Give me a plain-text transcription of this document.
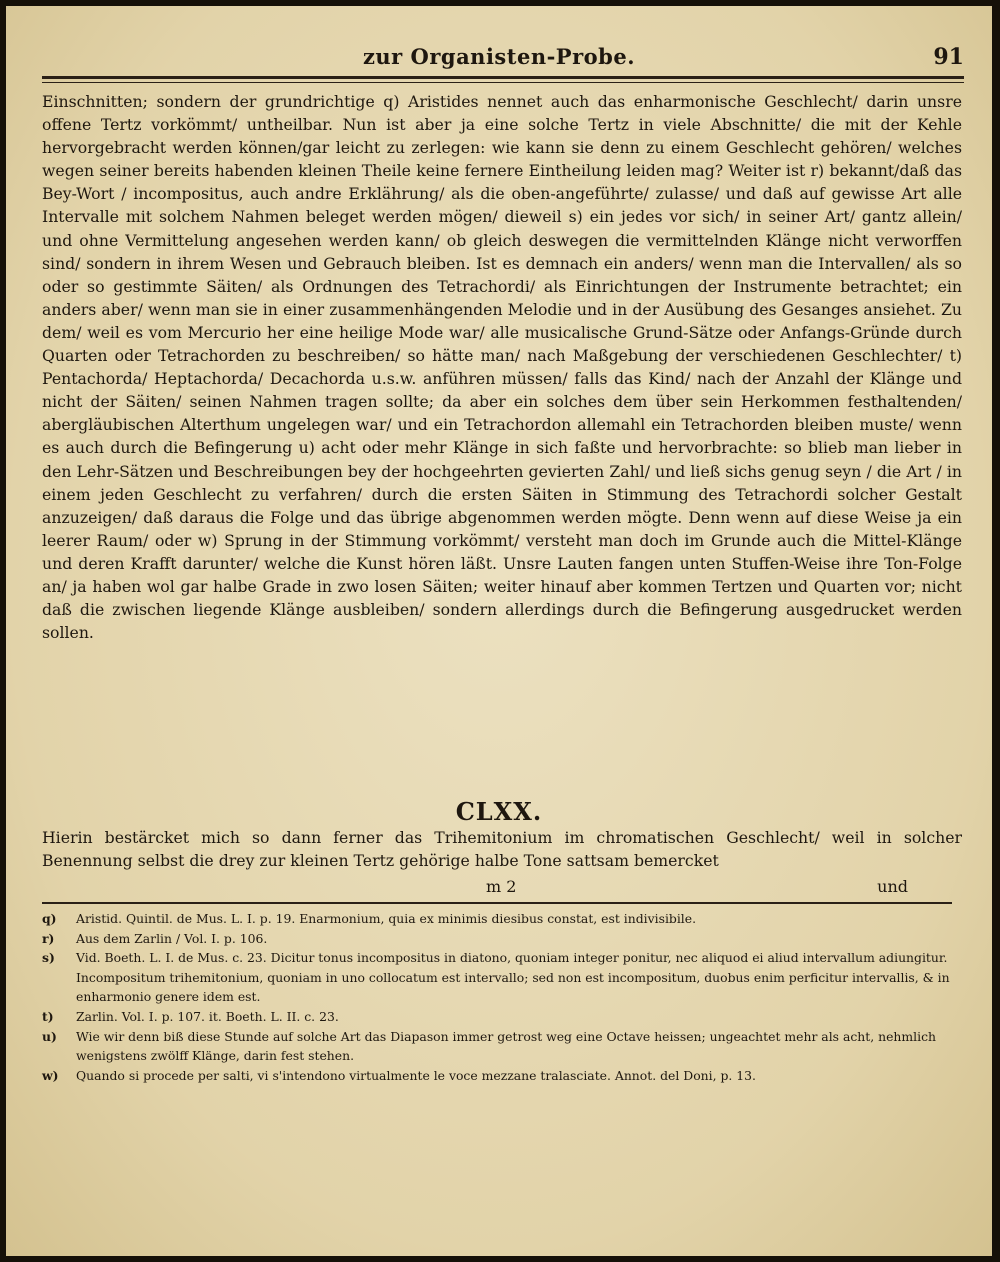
zur Organisten-Probe.	91
Einschnitten; sondern der grundrichtige q) Aristides nennet auch das enharmonische Geschlecht/ darin unsre offene Tertz vorkömmt/ untheilbar. Nun ist aber ja eine solche Tertz in viele Abschnitte/ die mit der Kehle hervorgebracht werden können/gar leicht zu zerlegen: wie kann sie denn zu einem Geschlecht gehören/ welches wegen seiner bereits habenden kleinen Theile keine fernere Eintheilung leiden mag? Weiter ist r) bekannt/daß das Bey-Wort / incompositus, auch andre Erklährung/ als die oben-angeführte/ zulasse/ und daß auf gewisse Art alle Intervalle mit solchem Nahmen beleget werden mögen/ dieweil s) ein jedes vor sich/ in seiner Art/ gantz allein/ und ohne Vermittelung angesehen werden kann/ ob gleich deswegen die vermittelnden Klänge nicht verworffen sind/ sondern in ihrem Wesen und Gebrauch bleiben. Ist es demnach ein anders/ wenn man die Intervallen/ als so oder so gestimmte Säiten/ als Ordnungen des Tetrachordi/ als Einrichtungen der Instrumente betrachtet; ein anders aber/ wenn man sie in einer zusammenhängenden Melodie und in der Ausübung des Gesanges ansiehet. Zu dem/ weil es vom Mercurio her eine heilige Mode war/ alle musicalische Grund-Sätze oder Anfangs-Gründe durch Quarten oder Tetrachorden zu beschreiben/ so hätte man/ nach Maßgebung der verschiedenen Geschlechter/ t) Pentachorda/ Heptachorda/ Decachorda u.s.w. anführen müssen/ falls das Kind/ nach der Anzahl der Klänge und nicht der Säiten/ seinen Nahmen tragen sollte; da aber ein solches dem über sein Herkommen festhaltenden/ abergläubischen Alterthum ungelegen war/ und ein Tetrachordon allemahl ein Tetrachorden bleiben muste/ wenn es auch durch die Befingerung u) acht oder mehr Klänge in sich faßte und hervorbrachte: so blieb man lieber in den Lehr-Sätzen und Beschreibungen bey der hochgeehrten gevierten Zahl/ und ließ sichs genug seyn / die Art / in einem jeden Geschlecht zu verfahren/ durch die ersten Säiten in Stimmung des Tetrachordi solcher Gestalt anzuzeigen/ daß daraus die Folge und das übrige abgenommen werden mögte. Denn wenn auf diese Weise ja ein leerer Raum/ oder w) Sprung in der Stimmung vorkömmt/ versteht man doch im Grunde auch die Mittel-Klänge und deren Krafft darunter/ welche die Kunst hören läßt. Unsre Lauten fangen unten Stuffen-Weise ihre Ton-Folge an/ ja haben wol gar halbe Grade in zwo losen Säiten; weiter hinauf aber kommen Tertzen und Quarten vor; nicht daß die zwischen liegende Klänge ausbleiben/ sondern allerdings durch die Befingerung ausgedrucket werden sollen.
CLXX.
Hierin bestärcket mich so dann ferner das Trihemitonium im chromatischen Geschlecht/ weil in solcher Benennung selbst die drey zur kleinen Tertz gehörige halbe Tone sattsam bemercket
m 2	und
q) Aristid. Quintil. de Mus. L. I. p. 19. Enarmonium, quia ex minimis diesibus constat, est indivisibile.
r) Aus dem Zarlin / Vol. I. p. 106.
s) Vid. Boeth. L. I. de Mus. c. 23. Dicitur tonus incompositus in diatono, quoniam integer ponitur, nec aliquod ei aliud intervallum adiungitur. Incompositum trihemitonium, quoniam in uno collocatum est intervallo; sed non est incompositum, duobus enim perficitur intervallis, & in enharmonio genere idem est.
t) Zarlin. Vol. I. p. 107. it. Boeth. L. II. c. 23.
u) Wie wir denn biß diese Stunde auf solche Art das Diapason immer getrost weg eine Octave heissen; ungeachtet mehr als acht, nehmlich wenigstens zwölff Klänge, darin fest stehen.
w) Quando si procede per salti, vi s'intendono virtualmente le voce mezzane tralasciate. Annot. del Doni, p. 13.
